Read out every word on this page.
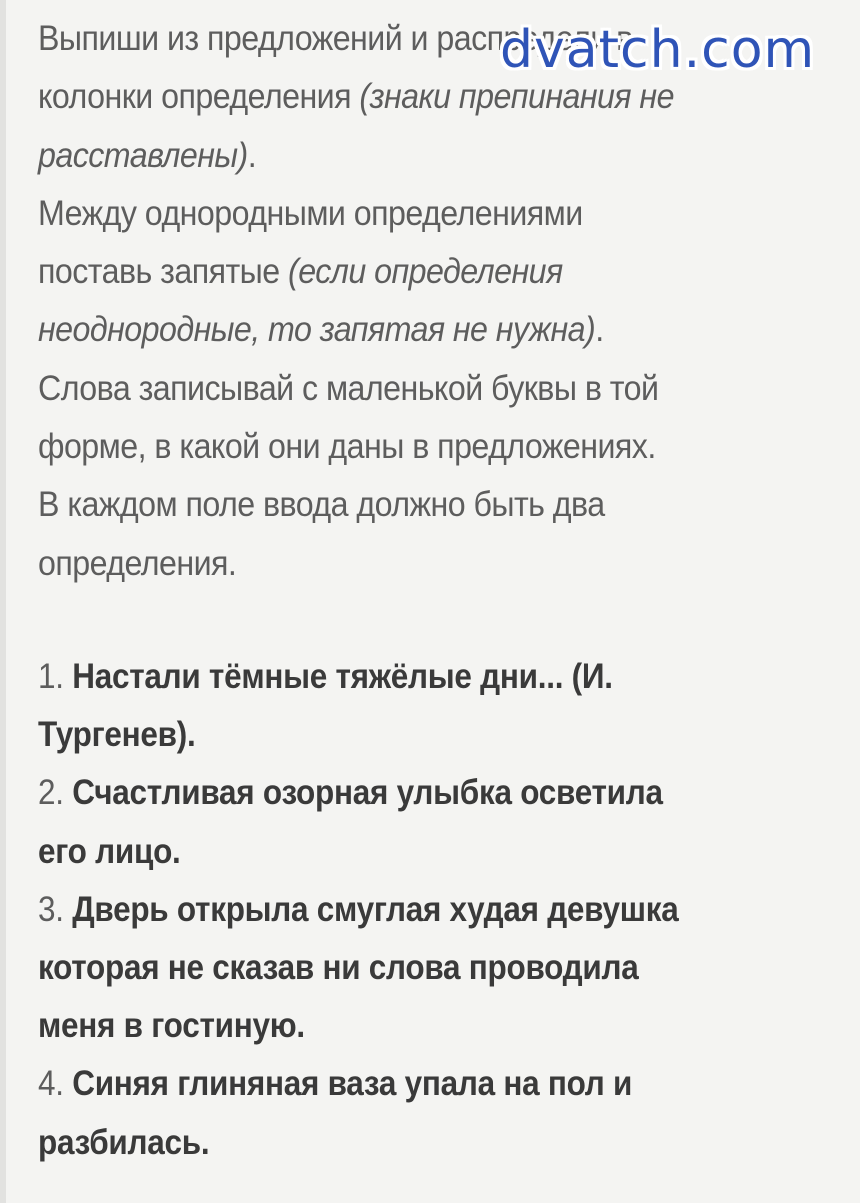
Выпиши из предложений и распредели в
колонки определения (знаки препинания не
расставлены).
Между однородными определениями
поставь запятые (если определения
неоднородные, то запятая не нужна).
Слова записывай с маленькой буквы в той
форме, в какой они даны в предложениях.
В каждом поле ввода должно быть два
определения.
1. Настали тёмные тяжёлые дни... (И.
Тургенев).
2. Счастливая озорная улыбка осветила
его лицо.
3. Дверь открыла смуглая худая девушка
которая не сказав ни слова проводила
меня в гостиную.
4. Синяя глиняная ваза упала на пол и
разбилась.
dvatch.com
